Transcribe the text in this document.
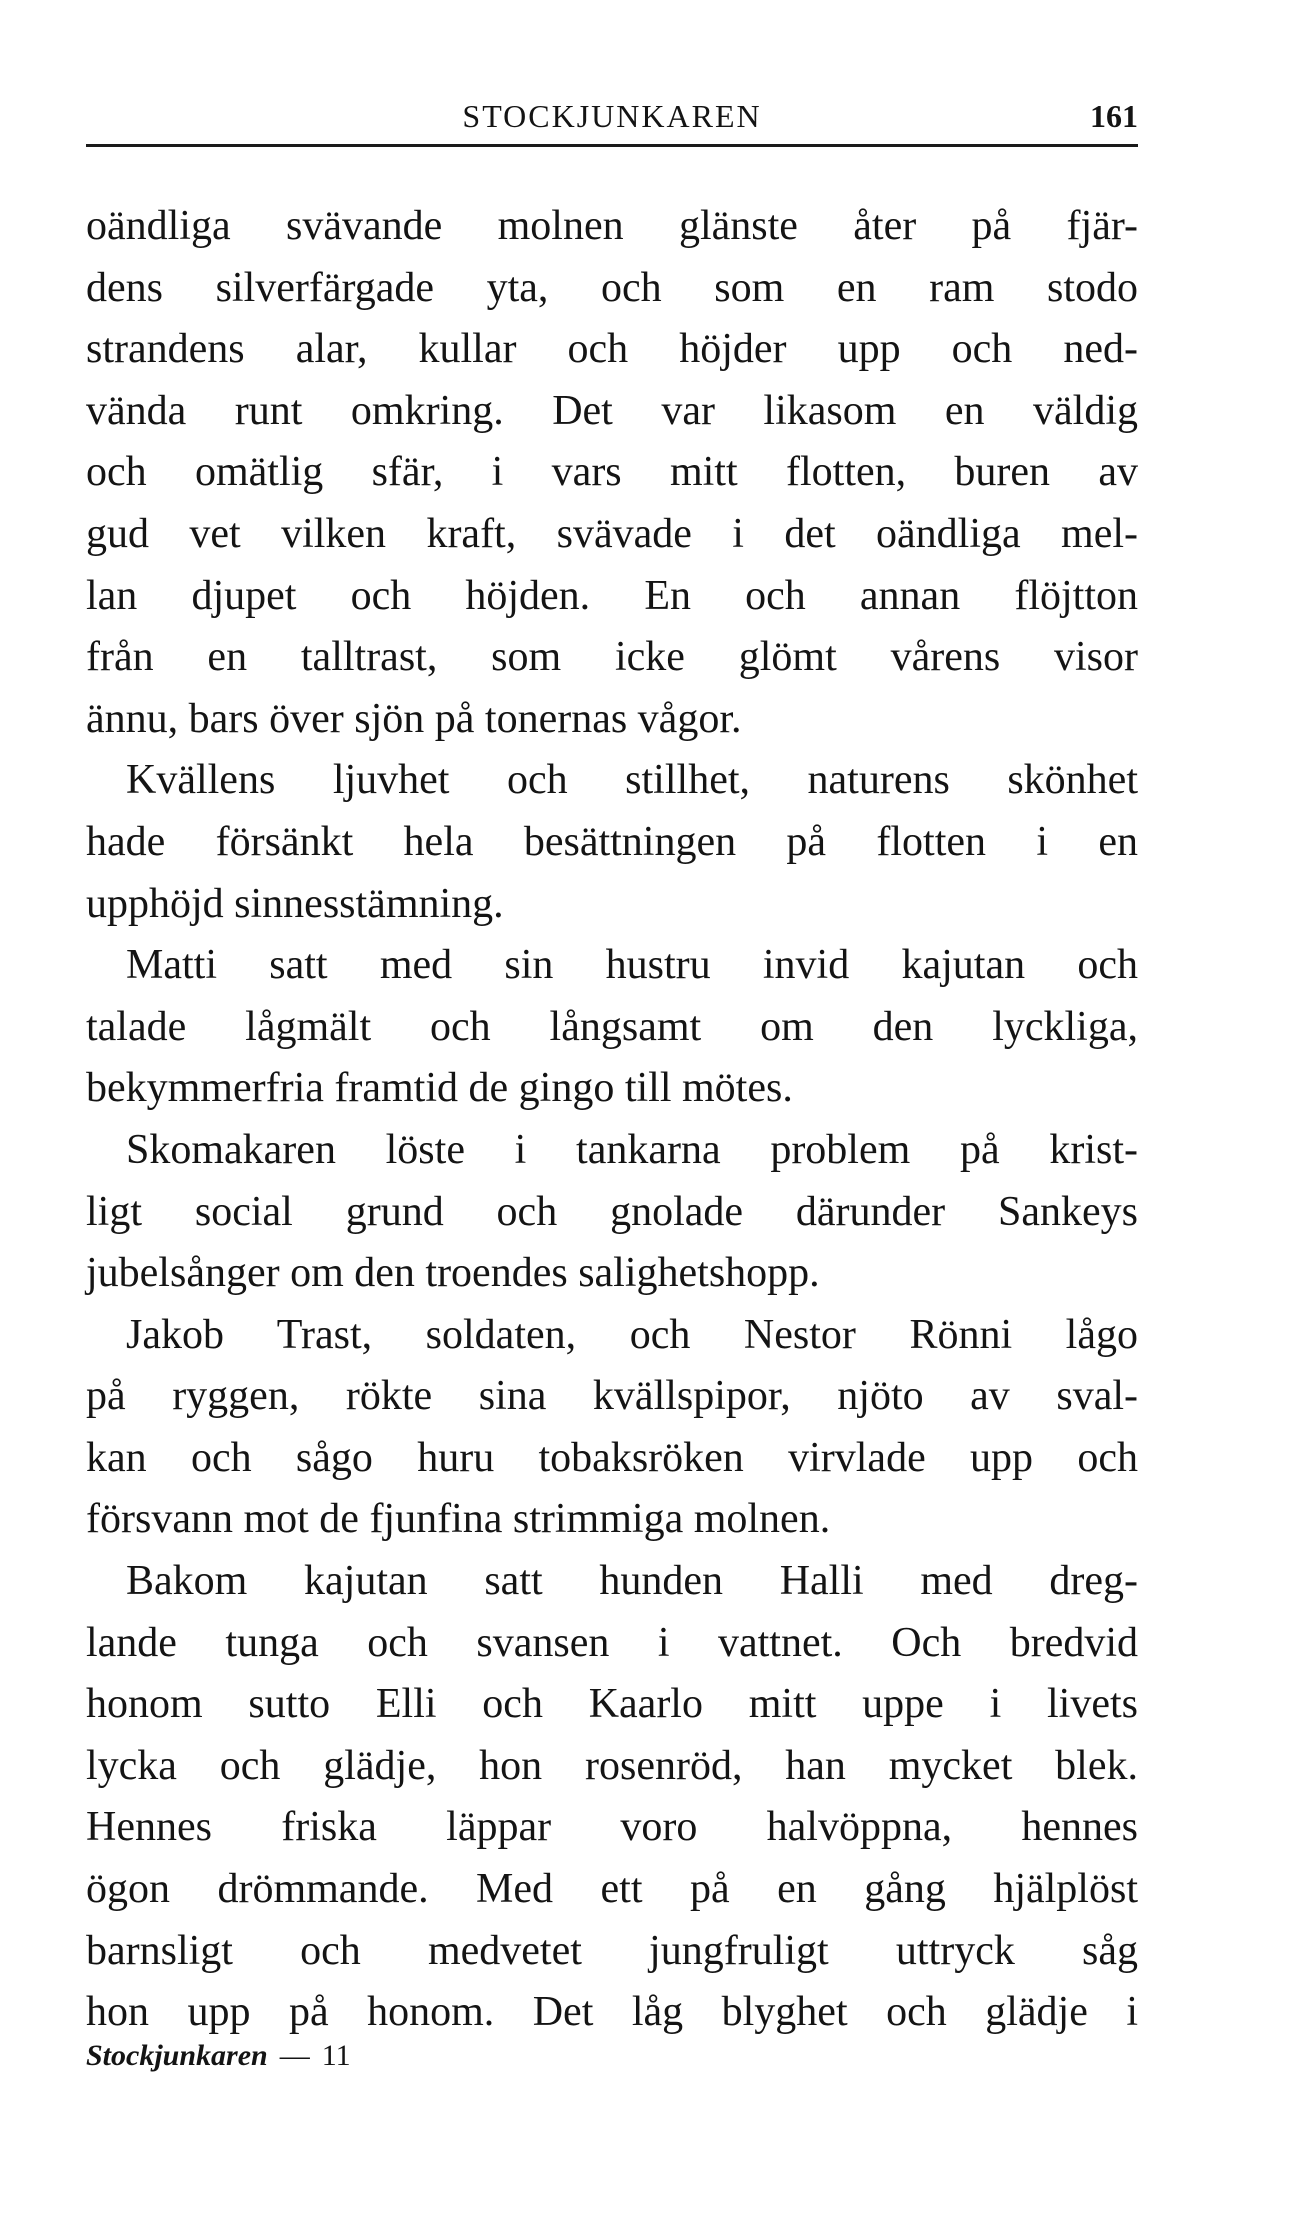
STOCKJUNKAREN	161
oändliga svävande molnen glänste åter på fjär-
dens silverfärgade yta, och som en ram stodo
strandens alar, kullar och höjder upp och ned-
vända runt omkring. Det var likasom en väldig
och omätlig sfär, i vars mitt flotten, buren av
gud vet vilken kraft, svävade i det oändliga mel-
lan djupet och höjden. En och annan flöjtton
från en talltrast, som icke glömt vårens visor
ännu, bars över sjön på tonernas vågor.
Kvällens ljuvhet och stillhet, naturens skönhet
hade försänkt hela besättningen på flotten i en
upphöjd sinnesstämning.
Matti satt med sin hustru invid kajutan och
talade lågmält och långsamt om den lyckliga,
bekymmerfria framtid de gingo till mötes.
Skomakaren löste i tankarna problem på krist-
ligt social grund och gnolade därunder Sankeys
jubelsånger om den troendes salighetshopp.
Jakob Trast, soldaten, och Nestor Rönni lågo
på ryggen, rökte sina kvällspipor, njöto av sval-
kan och sågo huru tobaksröken virvlade upp och
försvann mot de fjunfina strimmiga molnen.
Bakom kajutan satt hunden Halli med dreg-
lande tunga och svansen i vattnet. Och bredvid
honom sutto Elli och Kaarlo mitt uppe i livets
lycka och glädje, hon rosenröd, han mycket blek.
Hennes friska läppar voro halvöppna, hennes
ögon drömmande. Med ett på en gång hjälplöst
barnsligt och medvetet jungfruligt uttryck såg
hon upp på honom. Det låg blyghet och glädje i
Stockjunkaren — 11
